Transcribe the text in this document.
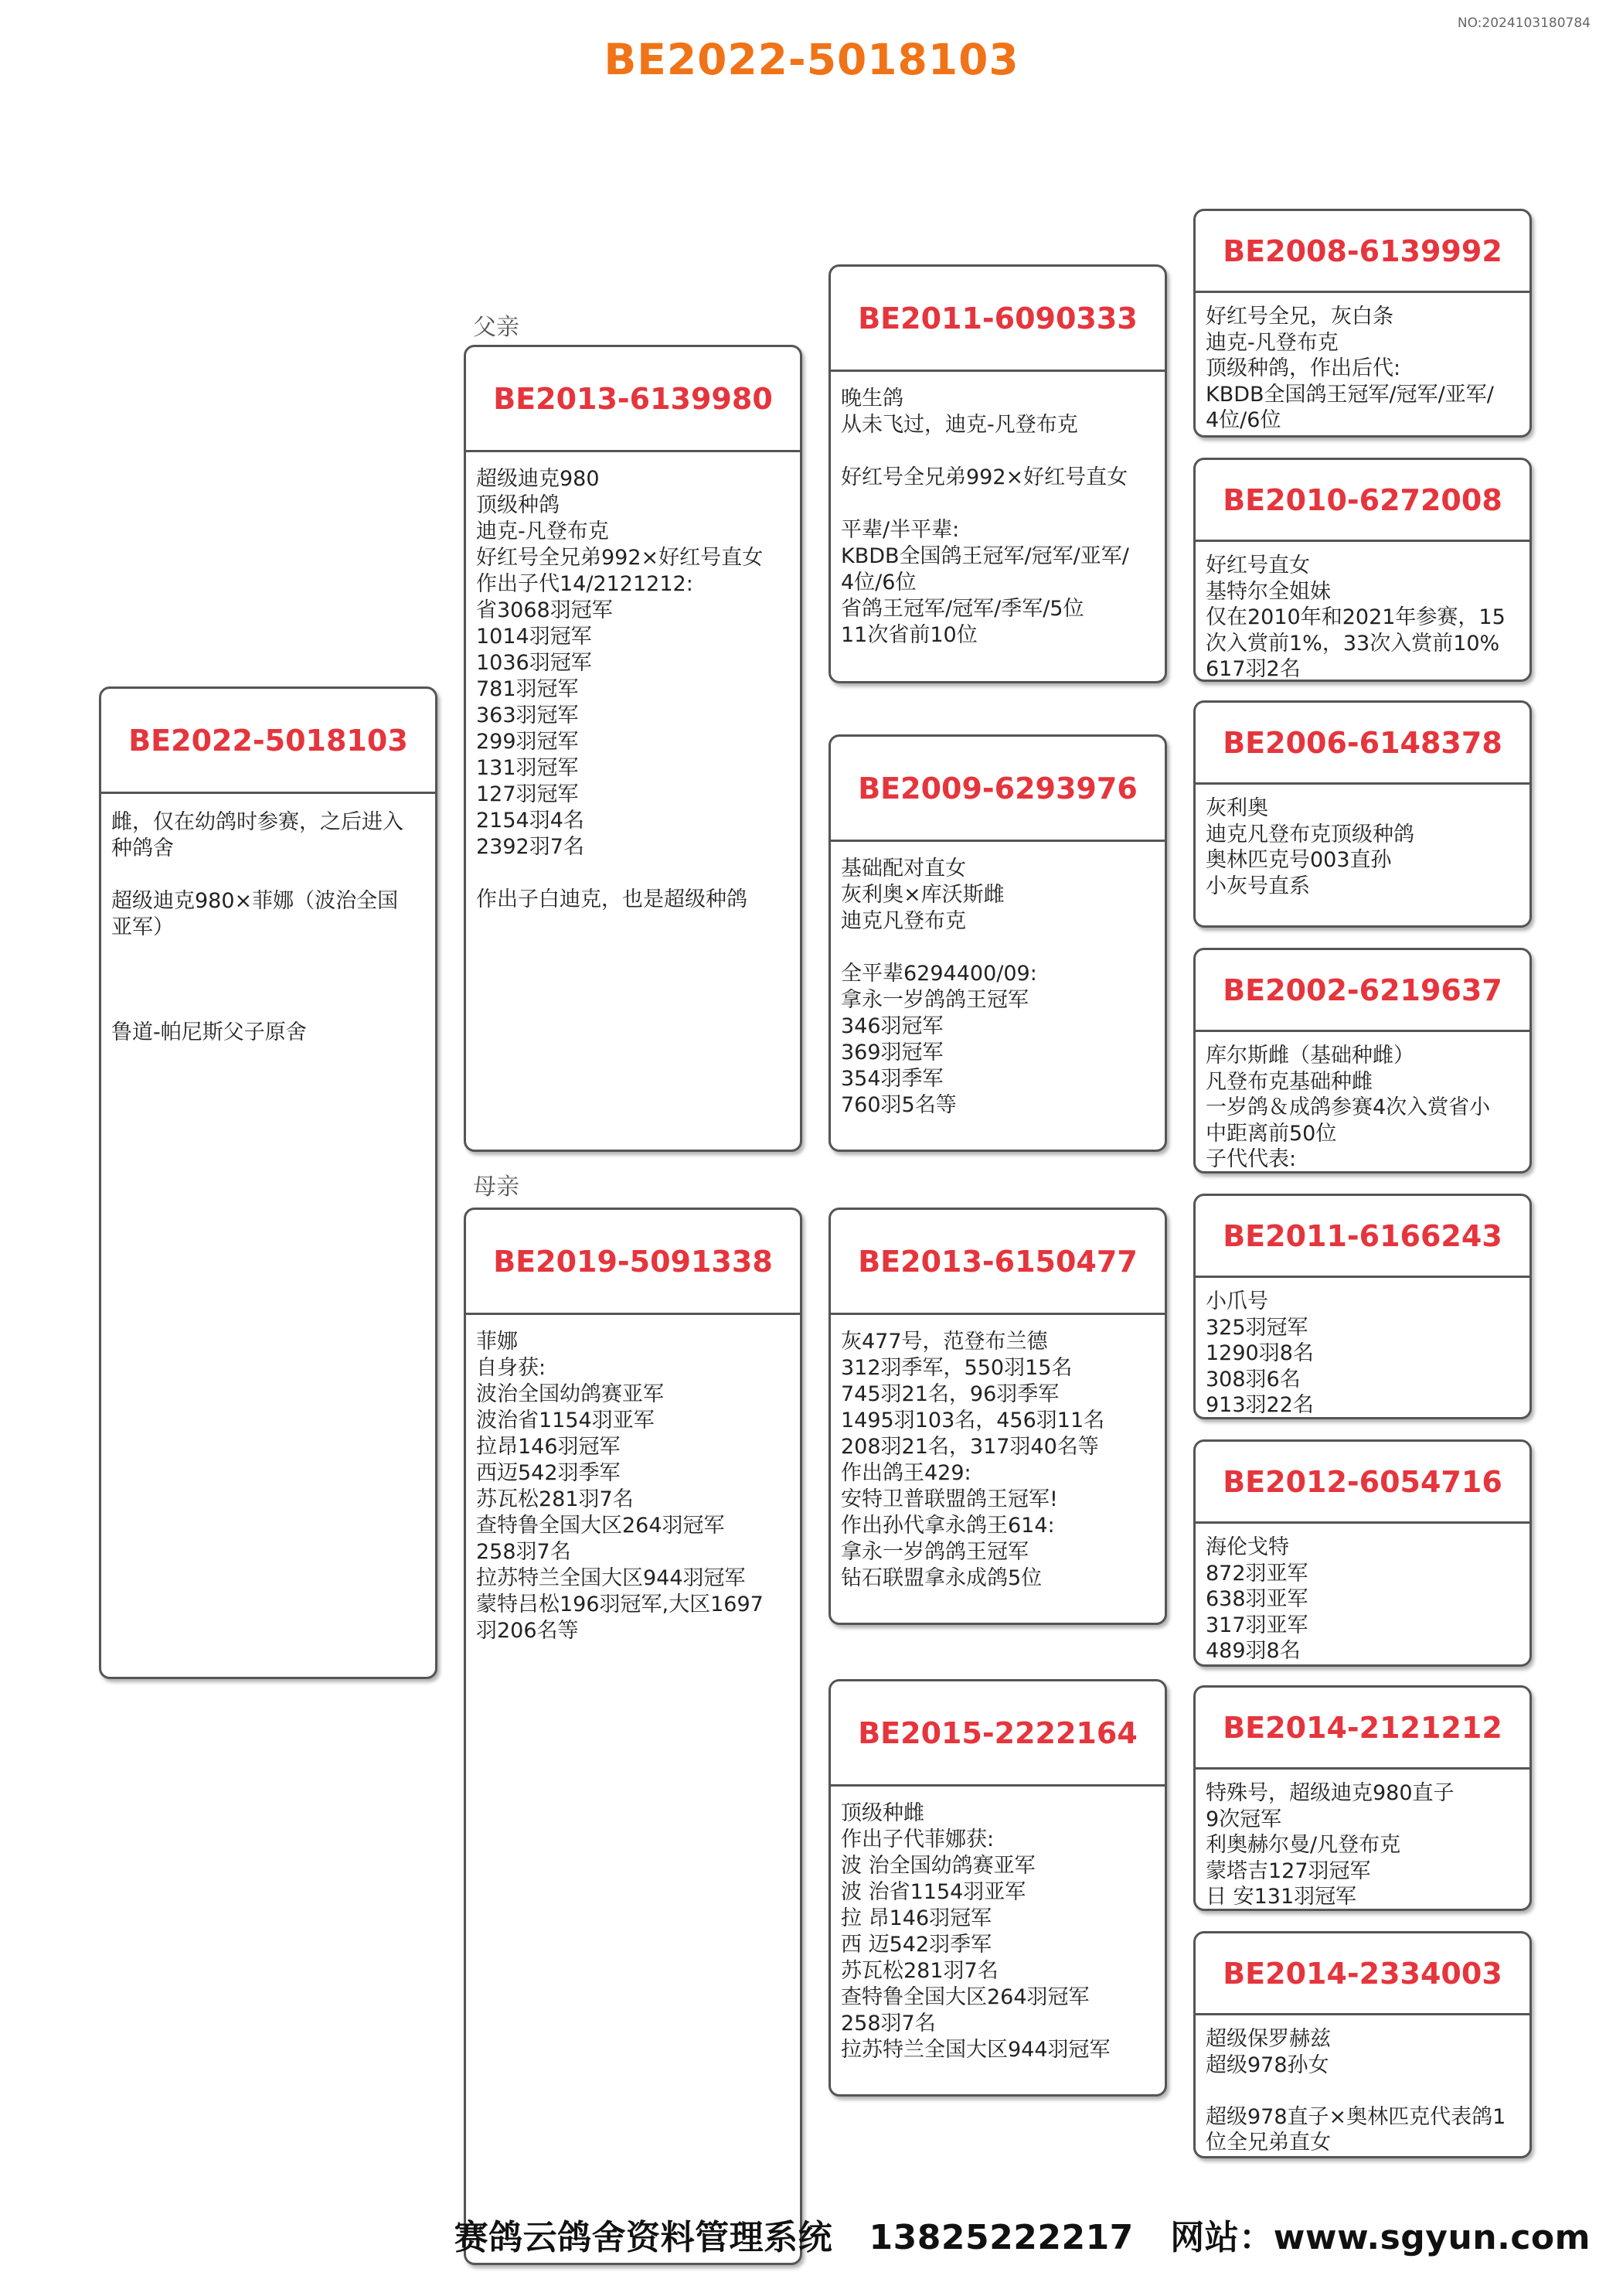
NO:2024103180784
BE2022-5018103
父亲
母亲
BE2022-5018103
雌，仅在幼鸽时参赛，之后进入
种鸽舍

超级迪克980×菲娜（波治全国
亚军）

鲁道-帕尼斯父子原舍
BE2013-6139980
超级迪克980
顶级种鸽
迪克-凡登布克
好红号全兄弟992×好红号直女
作出子代14/2121212:
省3068羽冠军
1014羽冠军
1036羽冠军
781羽冠军
363羽冠军
299羽冠军
131羽冠军
127羽冠军
2154羽4名
2392羽7名

作出子白迪克，也是超级种鸽
BE2019-5091338
菲娜
自身获:
波治全国幼鸽赛亚军
波治省1154羽亚军
拉昂146羽冠军
西迈542羽季军
苏瓦松281羽7名
查特鲁全国大区264羽冠军
258羽7名
拉苏特兰全国大区944羽冠军
蒙特吕松196羽冠军,大区1697
羽206名等
BE2011-6090333
晚生鸽
从未飞过，迪克-凡登布克

好红号全兄弟992×好红号直女

平辈/半平辈:
KBDB全国鸽王冠军/冠军/亚军/
4位/6位
省鸽王冠军/冠军/季军/5位
11次省前10位
BE2009-6293976
基础配对直女
灰利奥×库沃斯雌
迪克凡登布克

全平辈6294400/09:
拿永一岁鸽鸽王冠军
346羽冠军
369羽冠军
354羽季军
760羽5名等
BE2013-6150477
灰477号，范登布兰德
312羽季军，550羽15名
745羽21名，96羽季军
1495羽103名，456羽11名
208羽21名，317羽40名等
作出鸽王429:
安特卫普联盟鸽王冠军!
作出孙代拿永鸽王614:
拿永一岁鸽鸽王冠军
钻石联盟拿永成鸽5位
BE2015-2222164
顶级种雌
作出子代菲娜获:
波 治全国幼鸽赛亚军
波 治省1154羽亚军
拉 昂146羽冠军
西 迈542羽季军
苏瓦松281羽7名
查特鲁全国大区264羽冠军
258羽7名
拉苏特兰全国大区944羽冠军
BE2008-6139992
好红号全兄，灰白条
迪克-凡登布克
顶级种鸽，作出后代:
KBDB全国鸽王冠军/冠军/亚军/
4位/6位
BE2010-6272008
好红号直女
基特尔全姐妹
仅在2010年和2021年参赛，15
次入赏前1%，33次入赏前10%
617羽2名
BE2006-6148378
灰利奥
迪克凡登布克顶级种鸽
奥林匹克号003直孙
小灰号直系
BE2002-6219637
库尔斯雌（基础种雌）
凡登布克基础种雌
一岁鸽＆成鸽参赛4次入赏省小
中距离前50位
子代代表:
BE2011-6166243
小爪号
325羽冠军
1290羽8名
308羽6名
913羽22名
BE2012-6054716
海伦戈特
872羽亚军
638羽亚军
317羽亚军
489羽8名
BE2014-2121212
特殊号，超级迪克980直子
9次冠军
利奥赫尔曼/凡登布克
蒙塔吉127羽冠军
日 安131羽冠军
BE2014-2334003
超级保罗赫兹
超级978孙女

超级978直子×奥林匹克代表鸽1
位全兄弟直女
赛鸽云鸽舍资料管理系统   13825222217   网站：www.sgyun.com
